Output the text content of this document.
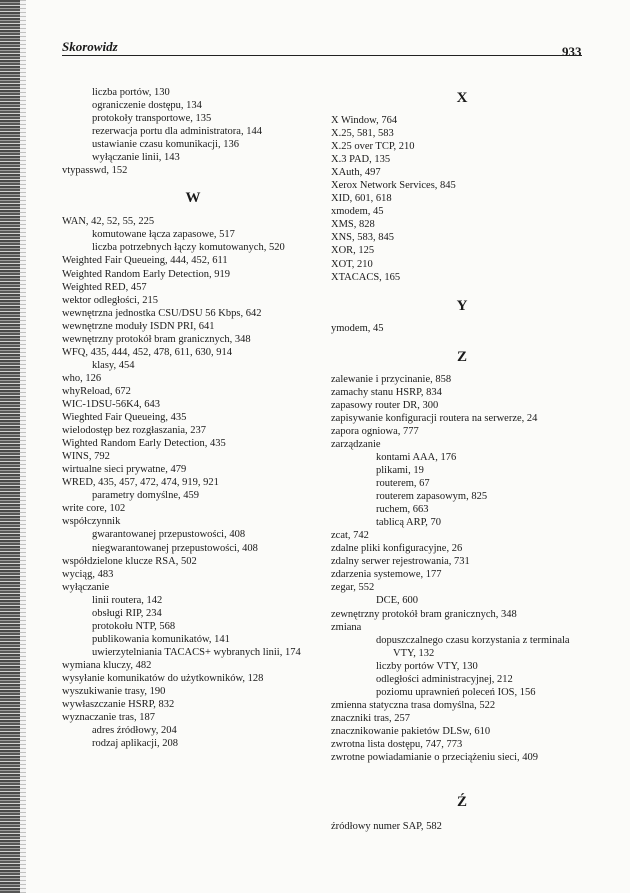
Skorowidz	933
liczba portów, 130
ograniczenie dostępu, 134
protokoły transportowe, 135
rezerwacja portu dla administratora, 144
ustawianie czasu komunikacji, 136
wyłączanie linii, 143
vtypasswd, 152
W
WAN, 42, 52, 55, 225
komutowane łącza zapasowe, 517
liczba potrzebnych łączy komutowanych, 520
Weighted Fair Queueing, 444, 452, 611
Weighted Random Early Detection, 919
Weighted RED, 457
wektor odległości, 215
wewnętrzna jednostka CSU/DSU 56 Kbps, 642
wewnętrzne moduły ISDN PRI, 641
wewnętrzny protokół bram granicznych, 348
WFQ, 435, 444, 452, 478, 611, 630, 914
klasy, 454
who, 126
whyReload, 672
WIC-1DSU-56K4, 643
Wieghted Fair Queueing, 435
wielodostęp bez rozgłaszania, 237
Wighted Random Early Detection, 435
WINS, 792
wirtualne sieci prywatne, 479
WRED, 435, 457, 472, 474, 919, 921
parametry domyślne, 459
write core, 102
współczynnik
gwarantowanej przepustowości, 408
niegwarantowanej przepustowości, 408
współdzielone klucze RSA, 502
wyciąg, 483
wyłączanie
linii routera, 142
obsługi RIP, 234
protokołu NTP, 568
publikowania komunikatów, 141
uwierzytelniania TACACS+ wybranych linii, 174
wymiana kluczy, 482
wysyłanie komunikatów do użytkowników, 128
wyszukiwanie trasy, 190
wywłaszczanie HSRP, 832
wyznaczanie tras, 187
adres źródłowy, 204
rodzaj aplikacji, 208
X
X Window, 764
X.25, 581, 583
X.25 over TCP, 210
X.3 PAD, 135
XAuth, 497
Xerox Network Services, 845
XID, 601, 618
xmodem, 45
XMS, 828
XNS, 583, 845
XOR, 125
XOT, 210
XTACACS, 165
Y
ymodem, 45
Z
zalewanie i przycinanie, 858
zamachy stanu HSRP, 834
zapasowy router DR, 300
zapisywanie konfiguracji routera na serwerze, 24
zapora ogniowa, 777
zarządzanie
kontami AAA, 176
plikami, 19
routerem, 67
routerem zapasowym, 825
ruchem, 663
tablicą ARP, 70
zcat, 742
zdalne pliki konfiguracyjne, 26
zdalny serwer rejestrowania, 731
zdarzenia systemowe, 177
zegar, 552
DCE, 600
zewnętrzny protokół bram granicznych, 348
zmiana
dopuszczalnego czasu korzystania z terminala
VTY, 132
liczby portów VTY, 130
odległości administracyjnej, 212
poziomu uprawnień poleceń IOS, 156
zmienna statyczna trasa domyślna, 522
znaczniki tras, 257
znacznikowanie pakietów DLSw, 610
zwrotna lista dostępu, 747, 773
zwrotne powiadamianie o przeciążeniu sieci, 409
Ź
źródłowy numer SAP, 582
